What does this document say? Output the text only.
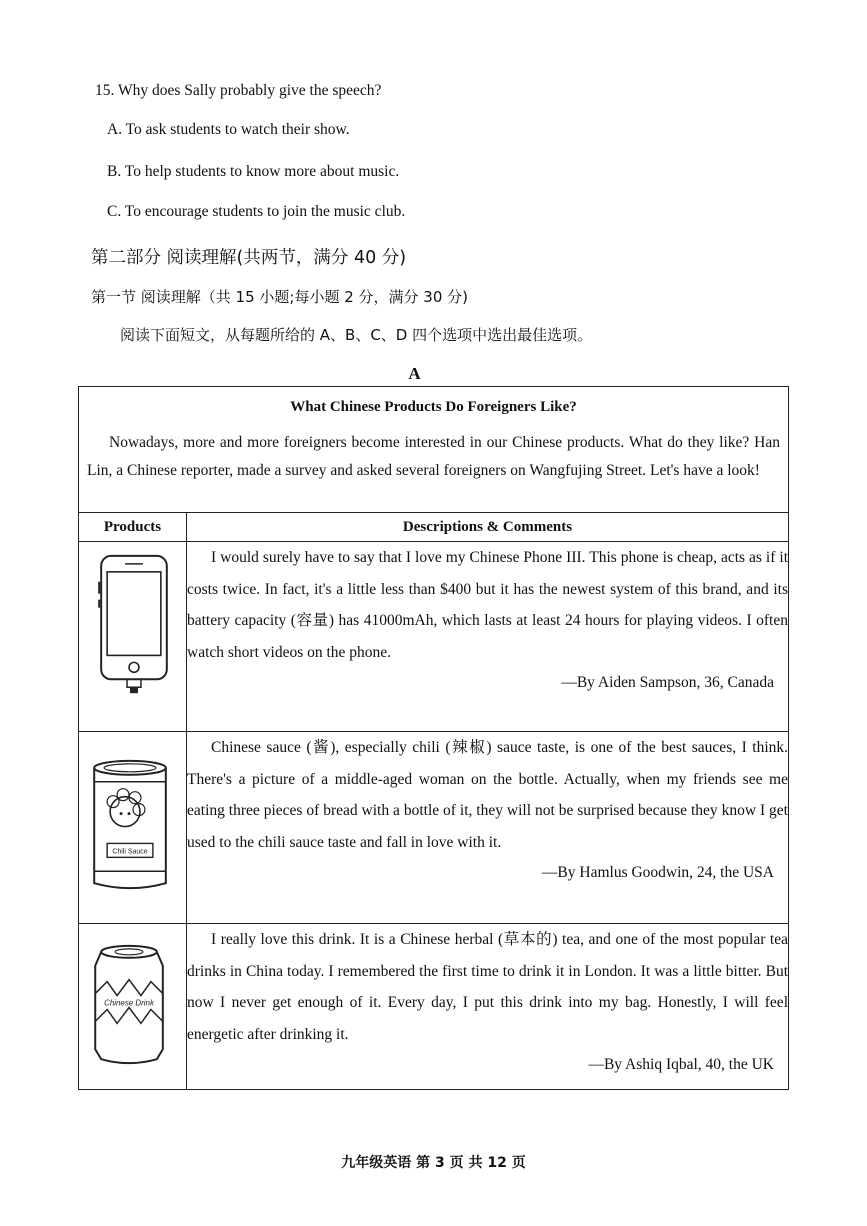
15. Why does Sally probably give the speech?
A. To ask students to watch their show.
B. To help students to know more about music.
C. To encourage students to join the music club.
第二部分 阅读理解(共两节，满分 40 分)
第一节 阅读理解（共 15 小题;每小题 2 分，满分 30 分)
阅读下面短文，从每题所给的 A、B、C、D 四个选项中选出最佳选项。
A
What Chinese Products Do Foreigners Like?
Nowadays, more and more foreigners become interested in our Chinese products. What do they like? Han Lin, a Chinese reporter, made a survey and asked several foreigners on Wangfujing Street. Let's have a look!
Products	Descriptions & Comments

I would surely have to say that I love my Chinese Phone III. This phone is cheap, acts as if it costs twice. In fact, it's a little less than $400 but it has the newest system of this brand, and its battery capacity (容量) has 41000mAh, which lasts at least 24 hours for playing videos. I often watch short videos on the phone.

—By Aiden Sampson, 36, Canada

Chili Sauce	Chinese sauce (酱), especially chili (辣椒) sauce taste, is one of the best sauces, I think. There's a picture of a middle-aged woman on the bottle. Actually, when my friends see me eating three pieces of bread with a bottle of it, they will not be surprised because they know I get used to the chili sauce taste and fall in love with it.

—By Hamlus Goodwin, 24, the USA

Chinese Drink	I really love this drink. It is a Chinese herbal (草本的) tea, and one of the most popular tea drinks in China today. I remembered the first time to drink it in London. It was a little bitter. But now I never get enough of it. Every day, I put this drink into my bag. Honestly, I will feel energetic after drinking it.

—By Ashiq Iqbal, 40, the UK
九年级英语 第 3 页 共 12 页
